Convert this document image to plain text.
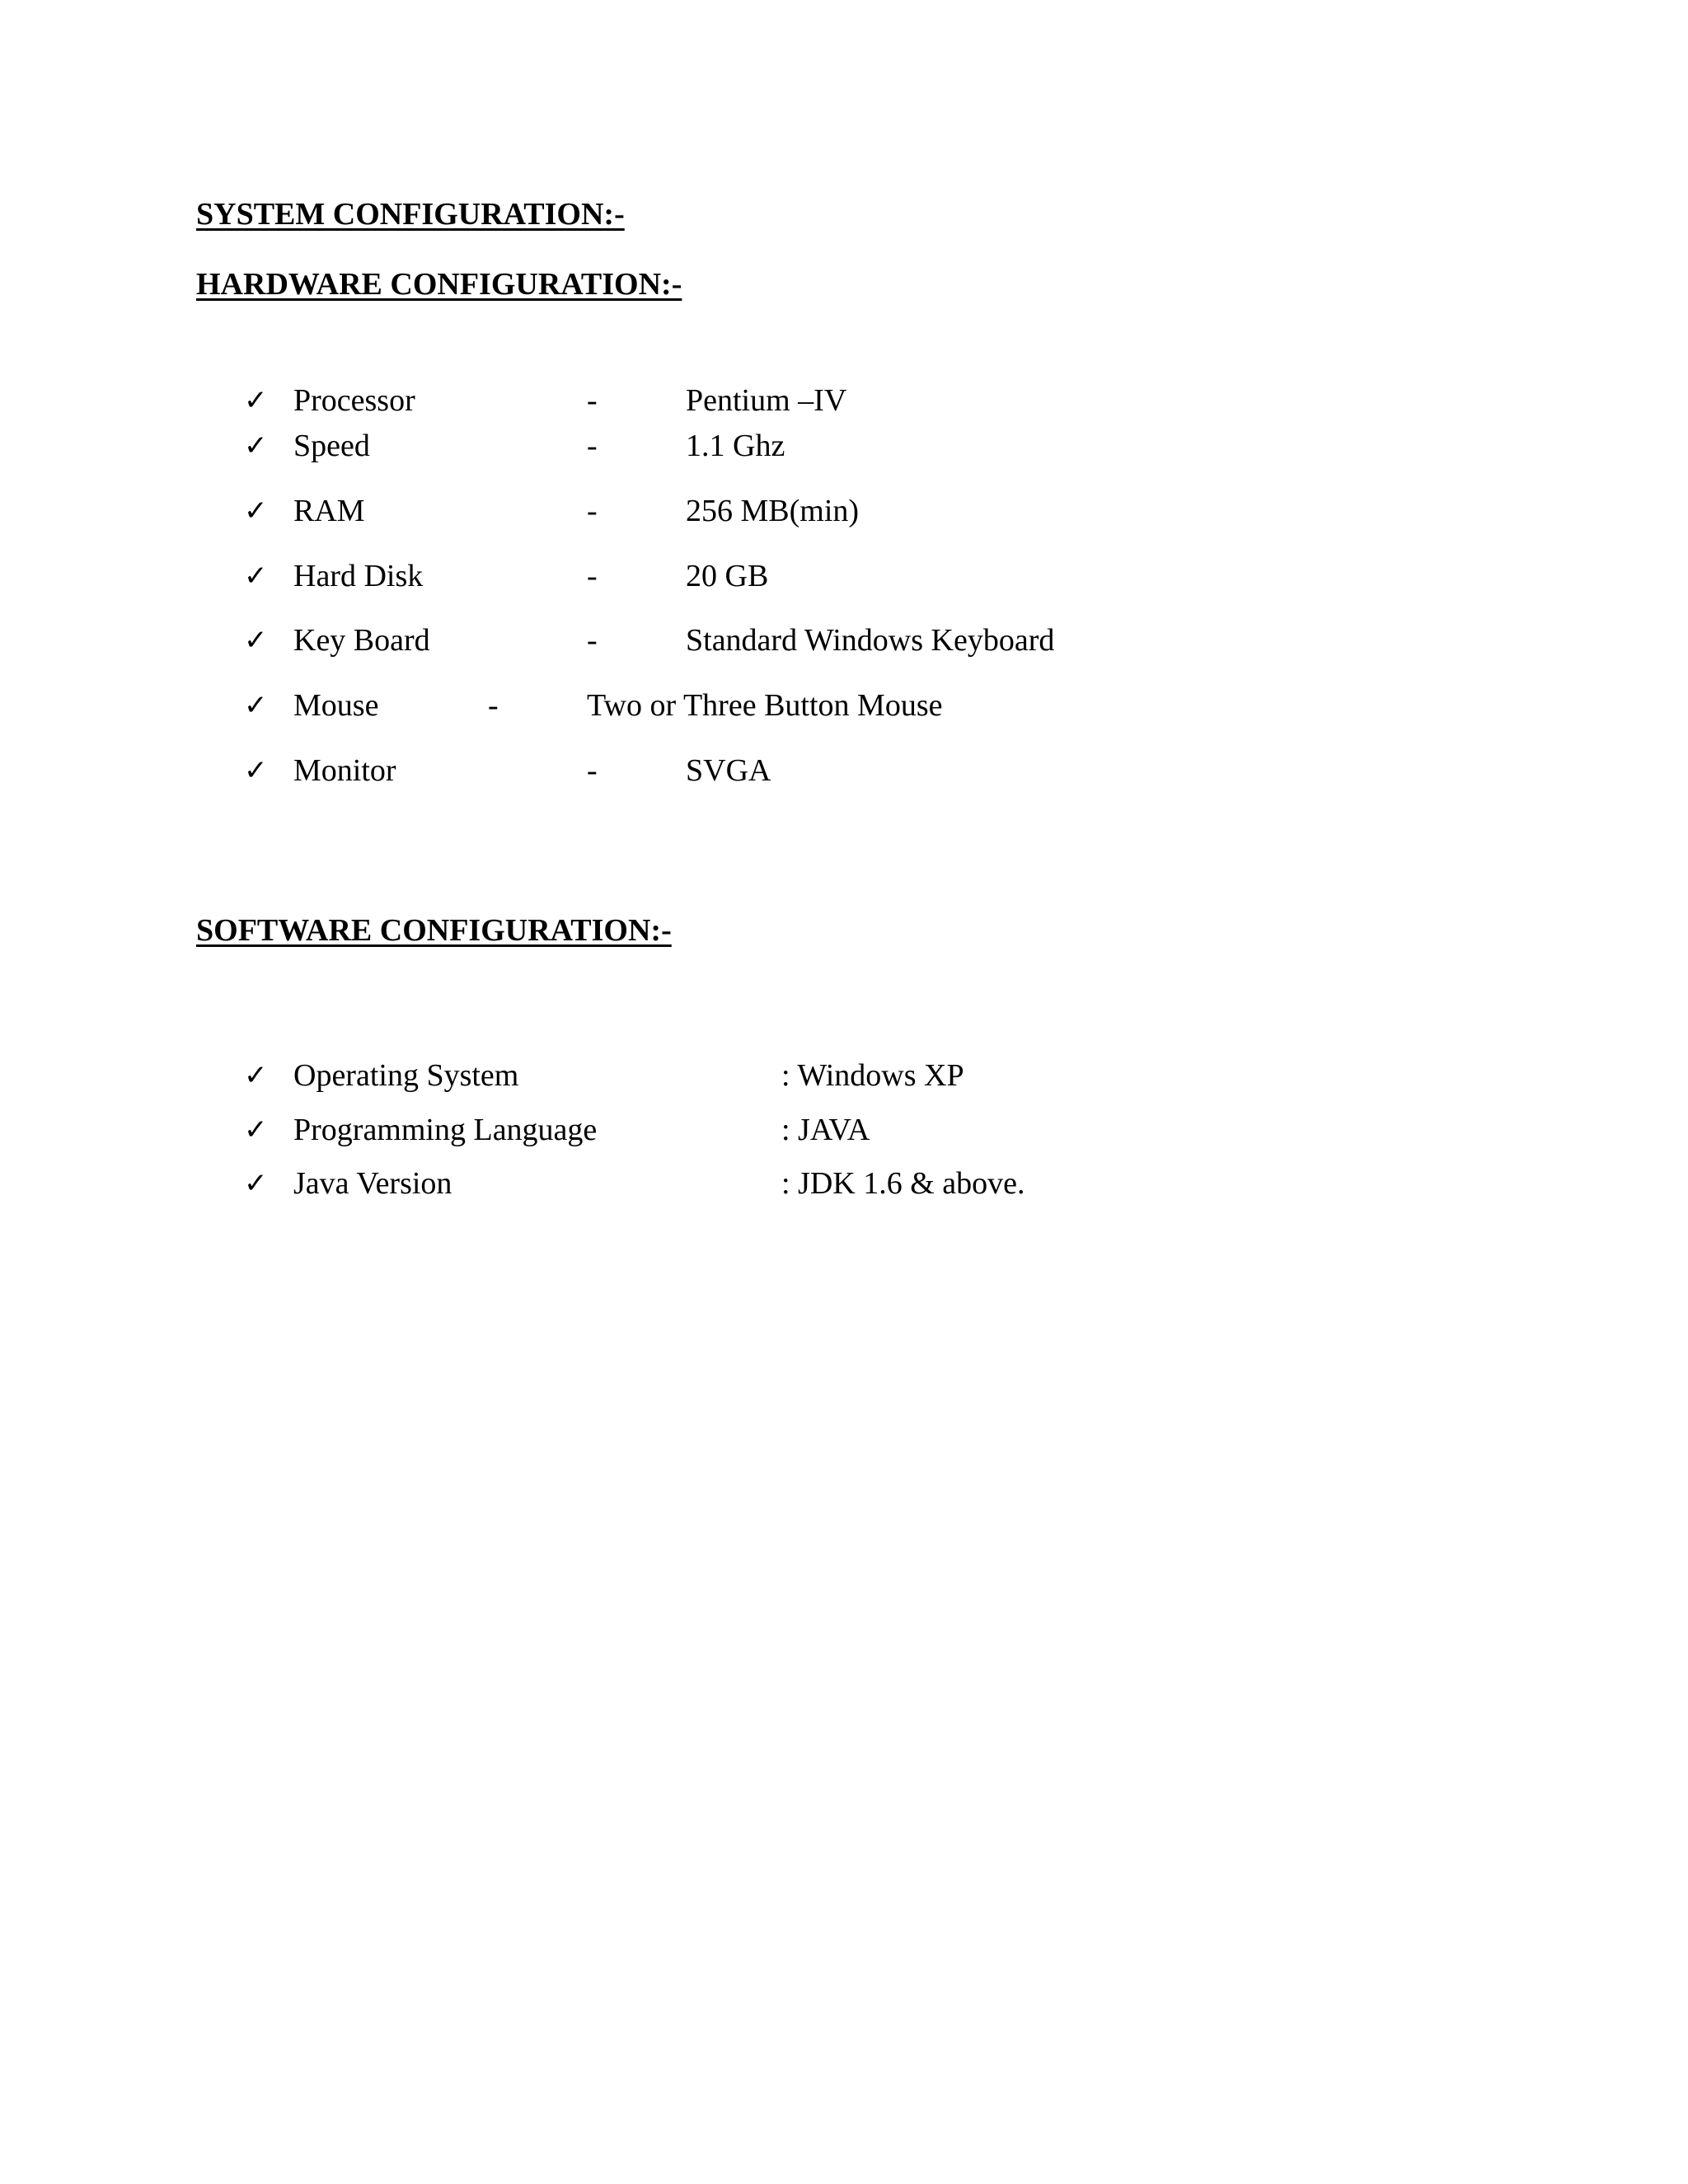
SYSTEM CONFIGURATION:-
HARDWARE CONFIGURATION:-
✓ Processor	-	Pentium –IV
✓ Speed	-	1.1 Ghz
✓ RAM	-	256 MB(min)
✓ Hard Disk	-	20 GB
✓ Key Board	-	Standard Windows Keyboard
✓ Mouse	-	Two or Three Button Mouse
✓ Monitor	-	SVGA
SOFTWARE CONFIGURATION:-
✓ Operating System	: Windows XP
✓ Programming Language	: JAVA
✓ Java Version	: JDK 1.6 & above.
